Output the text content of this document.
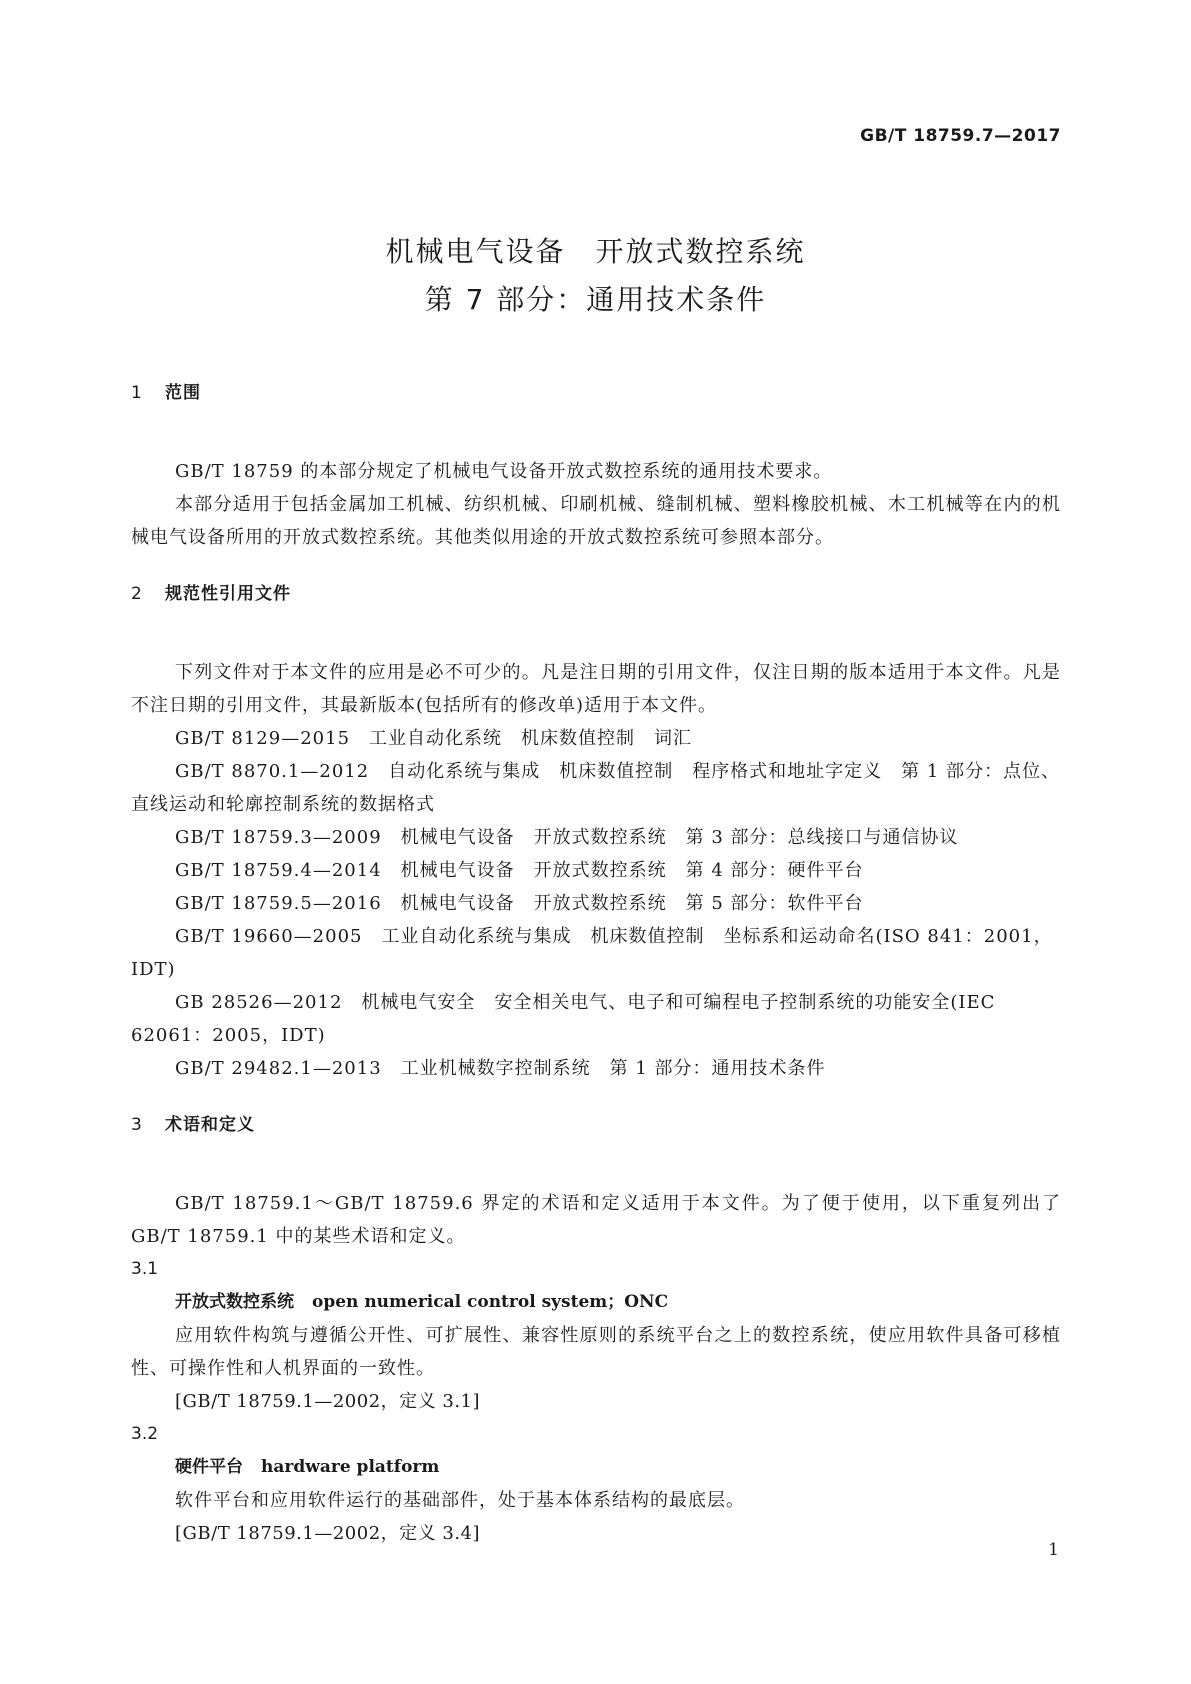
GB/T 18759.7—2017
机械电气设备　开放式数控系统
第 7 部分：通用技术条件
1 范围

GB/T 18759 的本部分规定了机械电气设备开放式数控系统的通用技术要求。

本部分适用于包括金属加工机械、纺织机械、印刷机械、缝制机械、塑料橡胶机械、木工机械等在内的机械电气设备所用的开放式数控系统。其他类似用途的开放式数控系统可参照本部分。

2 规范性引用文件

下列文件对于本文件的应用是必不可少的。凡是注日期的引用文件，仅注日期的版本适用于本文件。凡是不注日期的引用文件，其最新版本(包括所有的修改单)适用于本文件。

GB/T 8129—2015　工业自动化系统　机床数值控制　词汇

GB/T 8870.1—2012　自动化系统与集成　机床数值控制　程序格式和地址字定义　第 1 部分：点位、直线运动和轮廓控制系统的数据格式

GB/T 18759.3—2009　机械电气设备　开放式数控系统　第 3 部分：总线接口与通信协议

GB/T 18759.4—2014　机械电气设备　开放式数控系统　第 4 部分：硬件平台

GB/T 18759.5—2016　机械电气设备　开放式数控系统　第 5 部分：软件平台

GB/T 19660—2005　工业自动化系统与集成　机床数值控制　坐标系和运动命名(ISO 841：2001，IDT)

GB 28526—2012　机械电气安全　安全相关电气、电子和可编程电子控制系统的功能安全(IEC 62061：2005，IDT)

GB/T 29482.1—2013　工业机械数字控制系统　第 1 部分：通用技术条件

3 术语和定义

GB/T 18759.1～GB/T 18759.6 界定的术语和定义适用于本文件。为了便于使用，以下重复列出了 GB/T 18759.1 中的某些术语和定义。

3.1

开放式数控系统 open numerical control system；ONC

应用软件构筑与遵循公开性、可扩展性、兼容性原则的系统平台之上的数控系统，使应用软件具备可移植性、可操作性和人机界面的一致性。

[GB/T 18759.1—2002，定义 3.1]

3.2

硬件平台 hardware platform

软件平台和应用软件运行的基础部件，处于基本体系结构的最底层。

[GB/T 18759.1—2002，定义 3.4]

1
